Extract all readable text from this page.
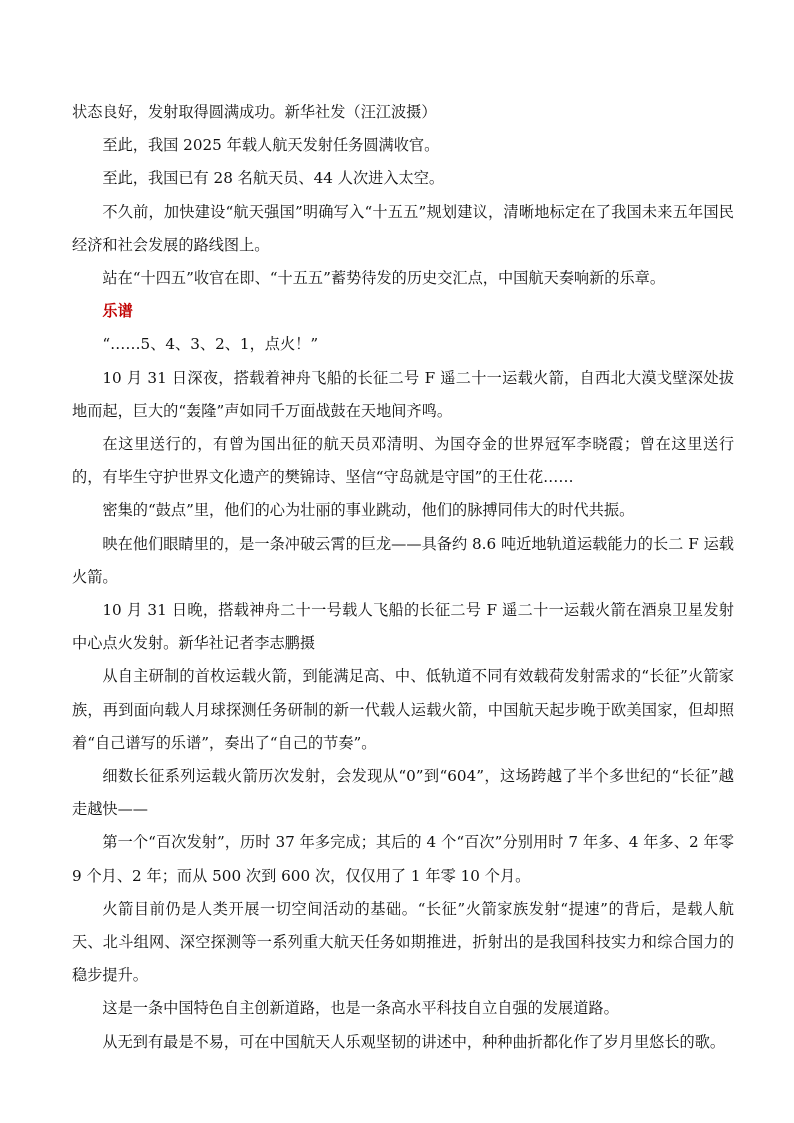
状态良好，发射取得圆满成功。新华社发（汪江波摄）

至此，我国 2025 年载人航天发射任务圆满收官。

至此，我国已有 28 名航天员、44 人次进入太空。

不久前，加快建设“航天强国”明确写入“十五五”规划建议，清晰地标定在了我国未来五年国民经济和社会发展的路线图上。

站在“十四五”收官在即、“十五五”蓄势待发的历史交汇点，中国航天奏响新的乐章。

乐谱

“……5、4、3、2、1，点火！”

10 月 31 日深夜，搭载着神舟飞船的长征二号 F 遥二十一运载火箭，自西北大漠戈壁深处拔地而起，巨大的“轰隆”声如同千万面战鼓在天地间齐鸣。

在这里送行的，有曾为国出征的航天员邓清明、为国夺金的世界冠军李晓霞；曾在这里送行的，有毕生守护世界文化遗产的樊锦诗、坚信“守岛就是守国”的王仕花……

密集的“鼓点”里，他们的心为壮丽的事业跳动，他们的脉搏同伟大的时代共振。

映在他们眼睛里的，是一条冲破云霄的巨龙——具备约 8.6 吨近地轨道运载能力的长二 F 运载火箭。

10 月 31 日晚，搭载神舟二十一号载人飞船的长征二号 F 遥二十一运载火箭在酒泉卫星发射中心点火发射。新华社记者李志鹏摄

从自主研制的首枚运载火箭，到能满足高、中、低轨道不同有效载荷发射需求的“长征”火箭家族，再到面向载人月球探测任务研制的新一代载人运载火箭，中国航天起步晚于欧美国家，但却照着“自己谱写的乐谱”，奏出了“自己的节奏”。

细数长征系列运载火箭历次发射，会发现从“0”到“604”，这场跨越了半个多世纪的“长征”越走越快——

第一个“百次发射”，历时 37 年多完成；其后的 4 个“百次”分别用时 7 年多、4 年多、2 年零 9 个月、2 年；而从 500 次到 600 次，仅仅用了 1 年零 10 个月。

火箭目前仍是人类开展一切空间活动的基础。“长征”火箭家族发射“提速”的背后，是载人航天、北斗组网、深空探测等一系列重大航天任务如期推进，折射出的是我国科技实力和综合国力的稳步提升。

这是一条中国特色自主创新道路，也是一条高水平科技自立自强的发展道路。

从无到有最是不易，可在中国航天人乐观坚韧的讲述中，种种曲折都化作了岁月里悠长的歌。
